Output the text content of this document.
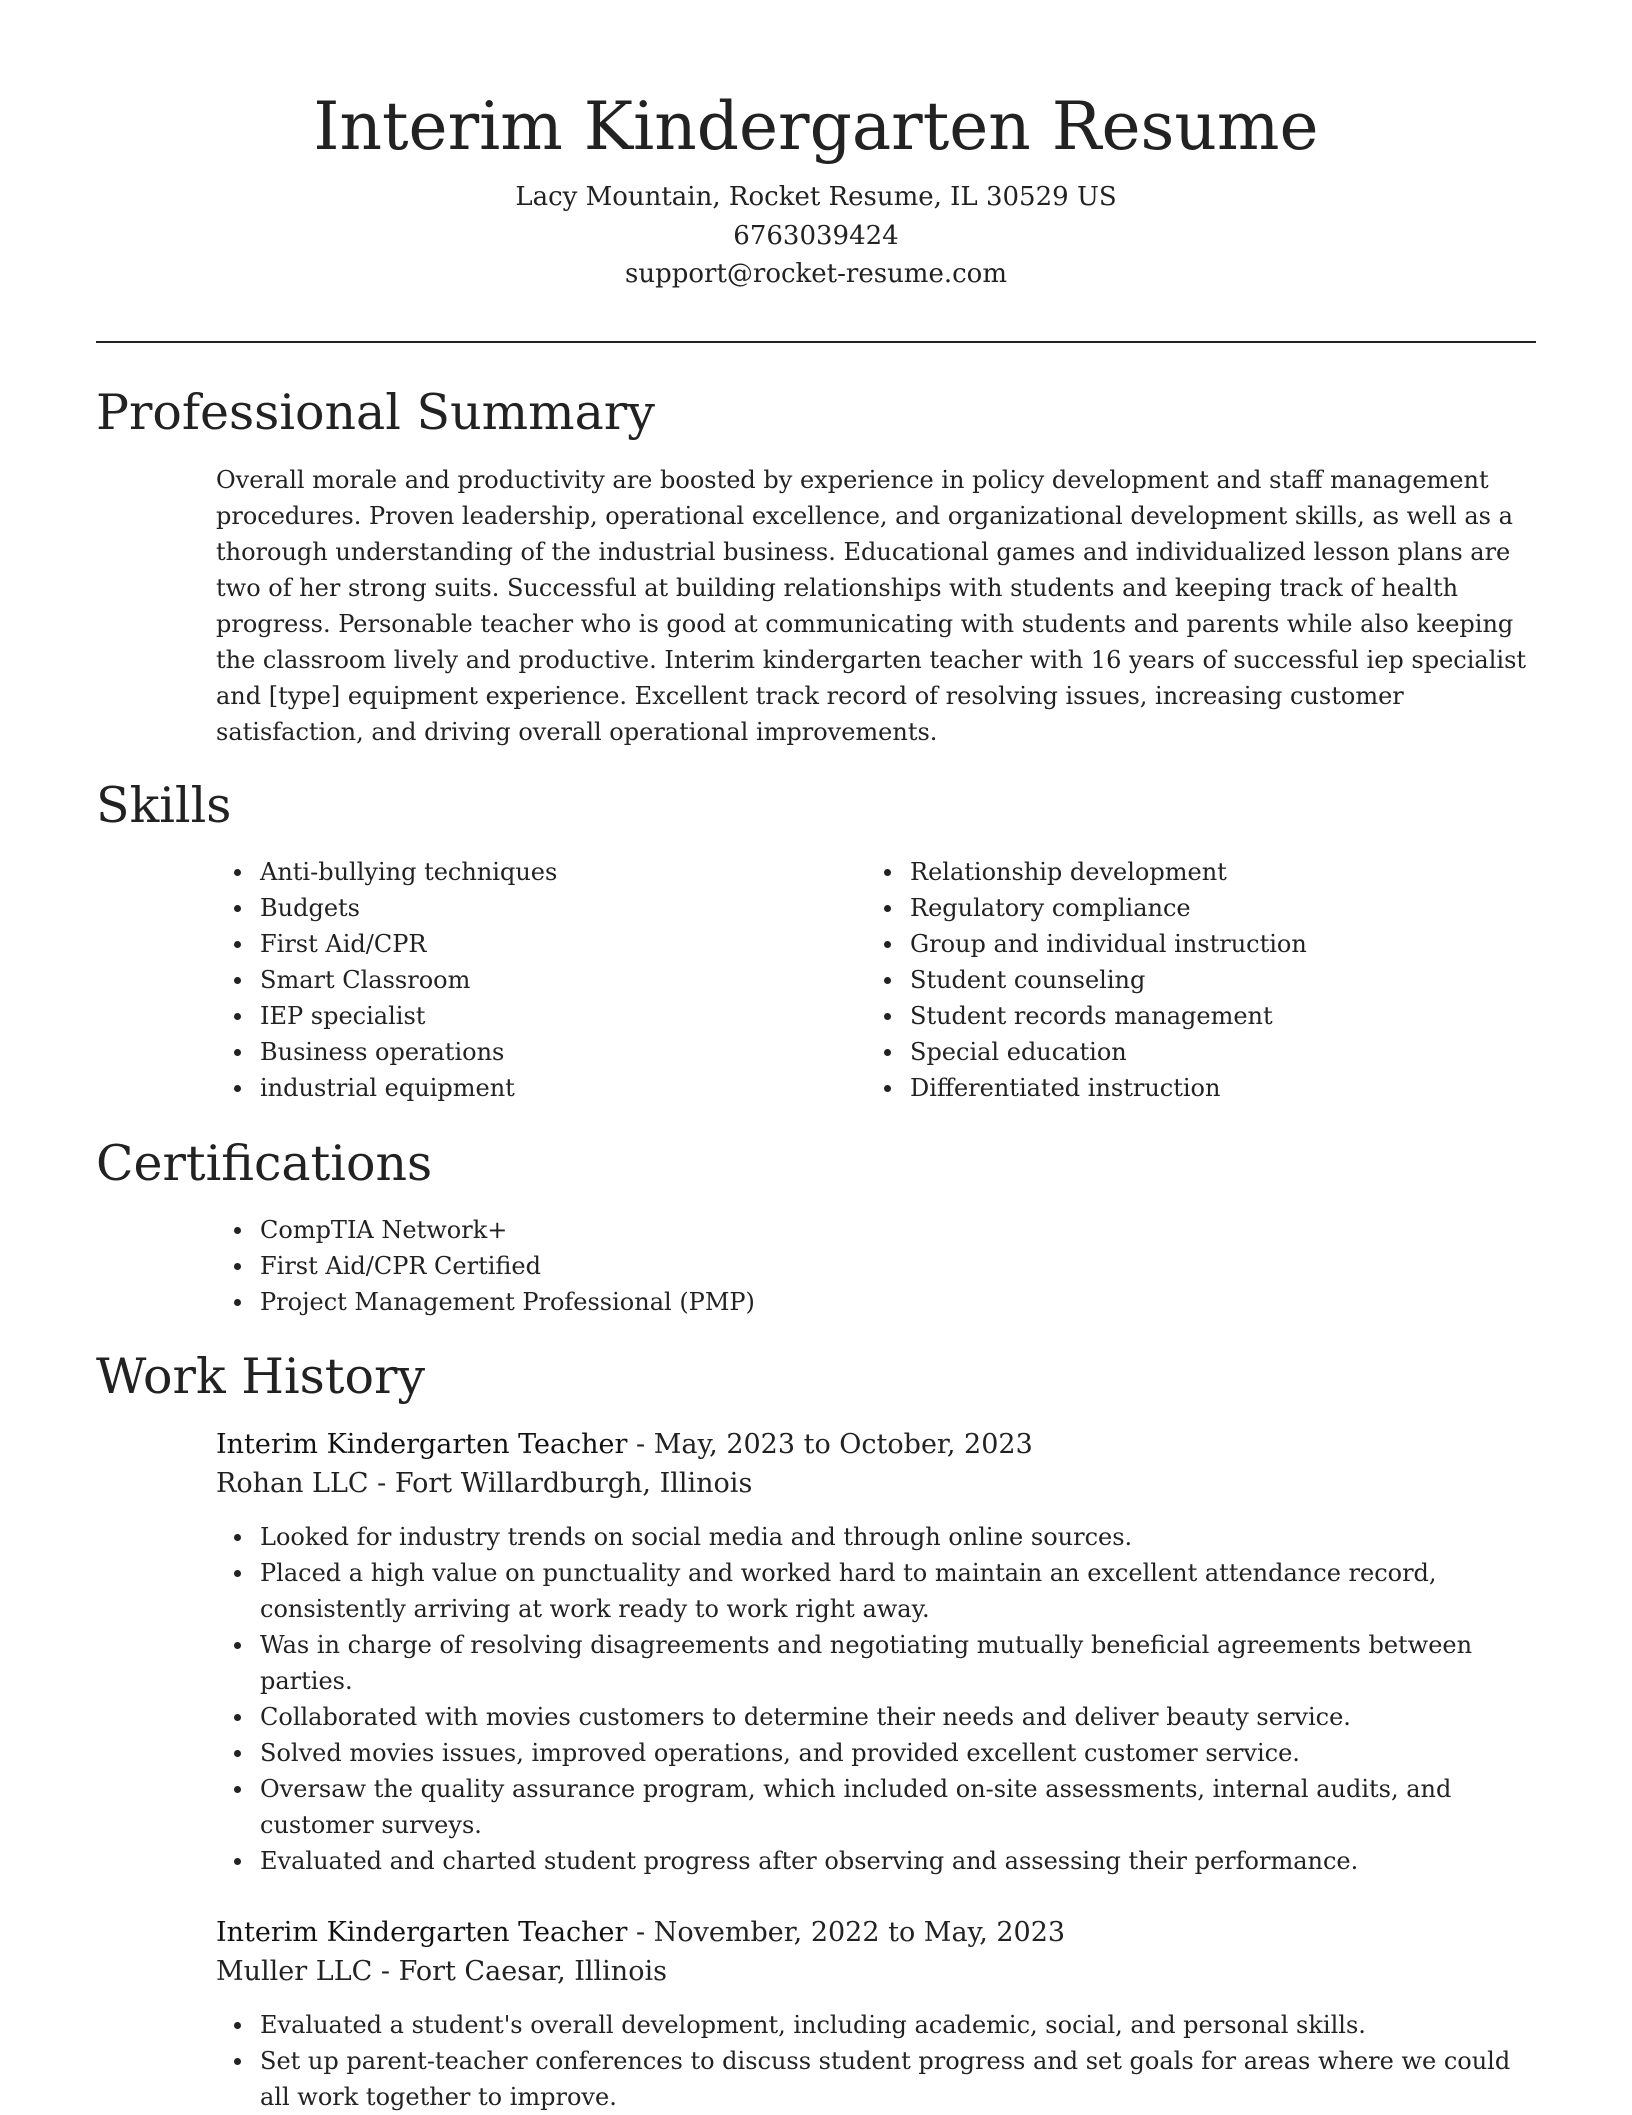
Interim Kindergarten Resume
Lacy Mountain, Rocket Resume, IL 30529 US
6763039424
support@rocket-resume.com
Professional Summary

Overall morale and productivity are boosted by experience in policy development and staff management procedures. Proven leadership, operational excellence, and organizational development skills, as well as a thorough understanding of the industrial business. Educational games and individualized lesson plans are two of her strong suits. Successful at building relationships with students and keeping track of health progress. Personable teacher who is good at communicating with students and parents while also keeping the classroom lively and productive. Interim kindergarten teacher with 16 years of successful iep specialist and [type] equipment experience. Excellent track record of resolving issues, increasing customer satisfaction, and driving overall operational improvements.

Skills
Anti-bullying techniques
Budgets
First Aid/CPR
Smart Classroom
IEP specialist
Business operations
industrial equipment
Relationship development
Regulatory compliance
Group and individual instruction
Student counseling
Student records management
Special education
Differentiated instruction
Certifications
CompTIA Network+
First Aid/CPR Certified
Project Management Professional (PMP)
Work History
Interim Kindergarten Teacher - May, 2023 to October, 2023
Rohan LLC - Fort Willardburgh, Illinois
Looked for industry trends on social media and through online sources.
Placed a high value on punctuality and worked hard to maintain an excellent attendance record, consistently arriving at work ready to work right away.
Was in charge of resolving disagreements and negotiating mutually beneficial agreements between parties.
Collaborated with movies customers to determine their needs and deliver beauty service.
Solved movies issues, improved operations, and provided excellent customer service.
Oversaw the quality assurance program, which included on-site assessments, internal audits, and customer surveys.
Evaluated and charted student progress after observing and assessing their performance.
Interim Kindergarten Teacher - November, 2022 to May, 2023
Muller LLC - Fort Caesar, Illinois
Evaluated a student's overall development, including academic, social, and personal skills.
Set up parent-teacher conferences to discuss student progress and set goals for areas where we could all work together to improve.
